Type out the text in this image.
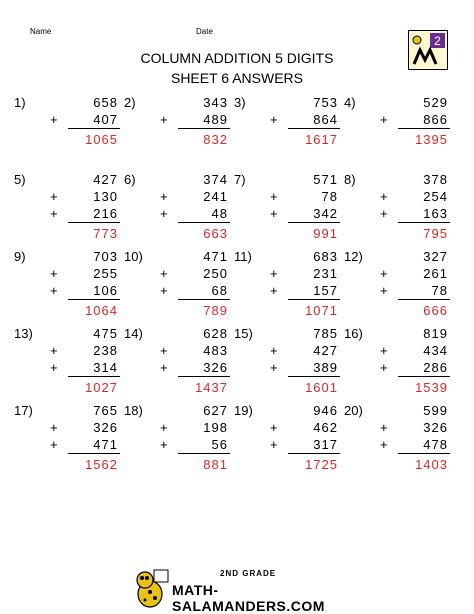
Name	Date
COLUMN ADDITION 5 DIGITS
SHEET 6 ANSWERS
2
1)	658
+	407
1065
2)	343
+	489
832
3)	753
+	864
1617
4)	529
+	866
1395
5)	427
+	130
+	216
773
6)	374
+	241
+	48
663
7)	571
+	78
+	342
991
8)	378
+	254
+	163
795
9)	703
+	255
+	106
1064
10)	471
+	250
+	68
789
11)	683
+	231
+	157
1071
12)	327
+	261
+	78
666
13)	475
+	238
+	314
1027
14)	628
+	483
+	326
1437
15)	785
+	427
+	389
1601
16)	819
+	434
+	286
1539
17)	765
+	326
+	471
1562
18)	627
+	198
+	56
881
19)	946
+	462
+	317
1725
20)	599
+	326
+	478
1403
2ND GRADE
MATH-SALAMANDERS.COM
